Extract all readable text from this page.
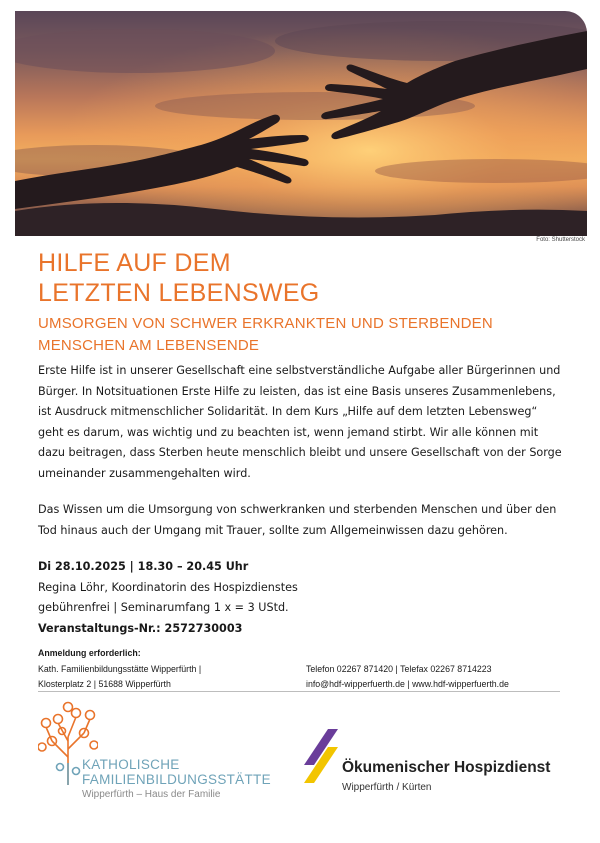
Foto: Shutterstock
HILFE AUF DEM
LETZTEN LEBENSWEG
UMSORGEN VON SCHWER ERKRANKTEN UND STERBENDEN
MENSCHEN AM LEBENSENDE

Erste Hilfe ist in unserer Gesellschaft eine selbstverständliche Aufgabe aller Bürgerinnen und Bürger. In Notsituationen Erste Hilfe zu leisten, das ist eine Basis unseres Zusammenlebens, ist Ausdruck mitmenschlicher Solidarität. In dem Kurs „Hilfe auf dem letzten Lebensweg“ geht es darum, was wichtig und zu beachten ist, wenn jemand stirbt. Wir alle können mit dazu beitragen, dass Sterben heute menschlich bleibt und unsere Gesellschaft von der Sorge umeinander zusammengehalten wird.

Das Wissen um die Umsorgung von schwerkranken und sterbenden Menschen und über den Tod hinaus auch der Umgang mit Trauer, sollte zum Allgemeinwissen dazu gehören.

Di 28.10.2025 | 18.30 – 20.45 Uhr
Regina Löhr, Koordinatorin des Hospizdienstes
gebührenfrei | Seminarumfang 1 x = 3 UStd.
Veranstaltungs-Nr.: 2572730003
Anmeldung erforderlich:
Kath. Familienbildungsstätte Wipperfürth |
Klosterplatz 2 | 51688 Wipperfürth
Telefon 02267 871420 | Telefax 02267 8714223
info@hdf-wipperfuerth.de | www.hdf-wipperfuerth.de
KATHOLISCHE
FAMILIENBILDUNGSSTÄTTE
Wipperfürth – Haus der Familie
Ökumenischer Hospizdienst
Wipperfürth / Kürten
